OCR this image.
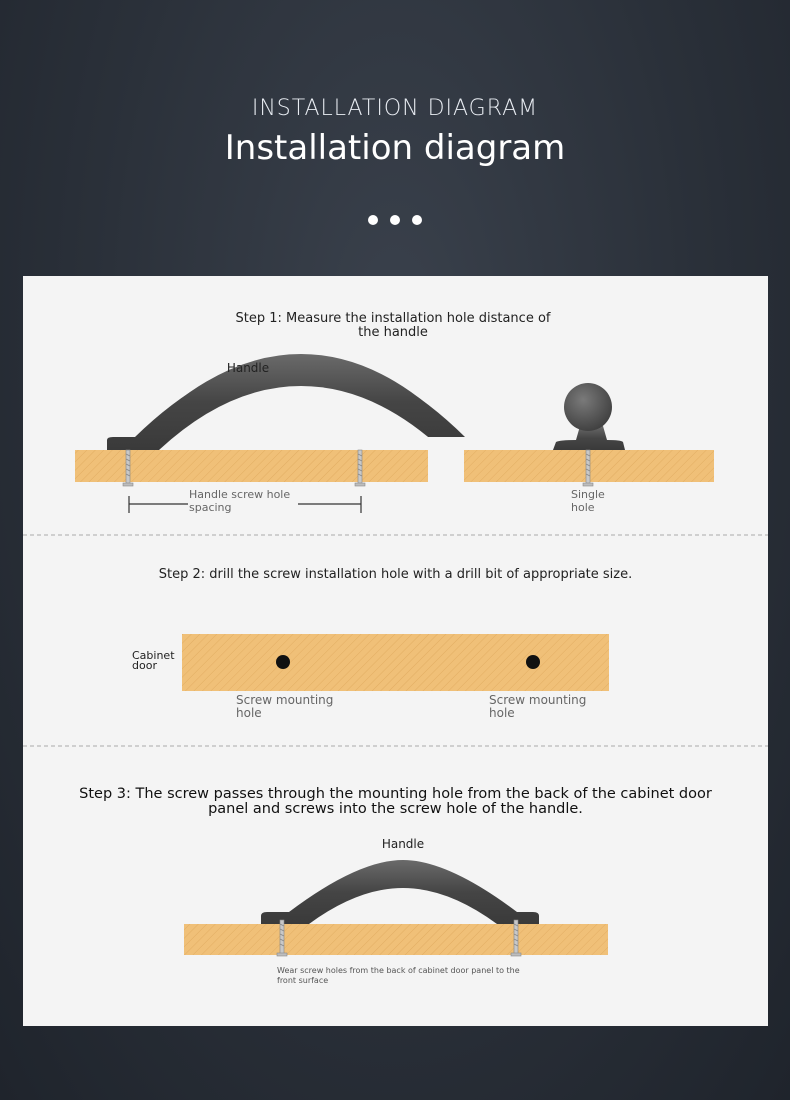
INSTALLATION DIAGRAM
Installation diagram
Step 1: Measure the installation hole distance of the handle
Handle
Handle screw hole spacing
Single hole
Step 2: drill the screw installation hole with a drill bit of appropriate size.
Cabinet door
Screw mounting hole
Screw mounting hole
Step 3: The screw passes through the mounting hole from the back of the cabinet door panel and screws into the screw hole of the handle.
Handle
Wear screw holes from the back of cabinet door panel to the front surface
